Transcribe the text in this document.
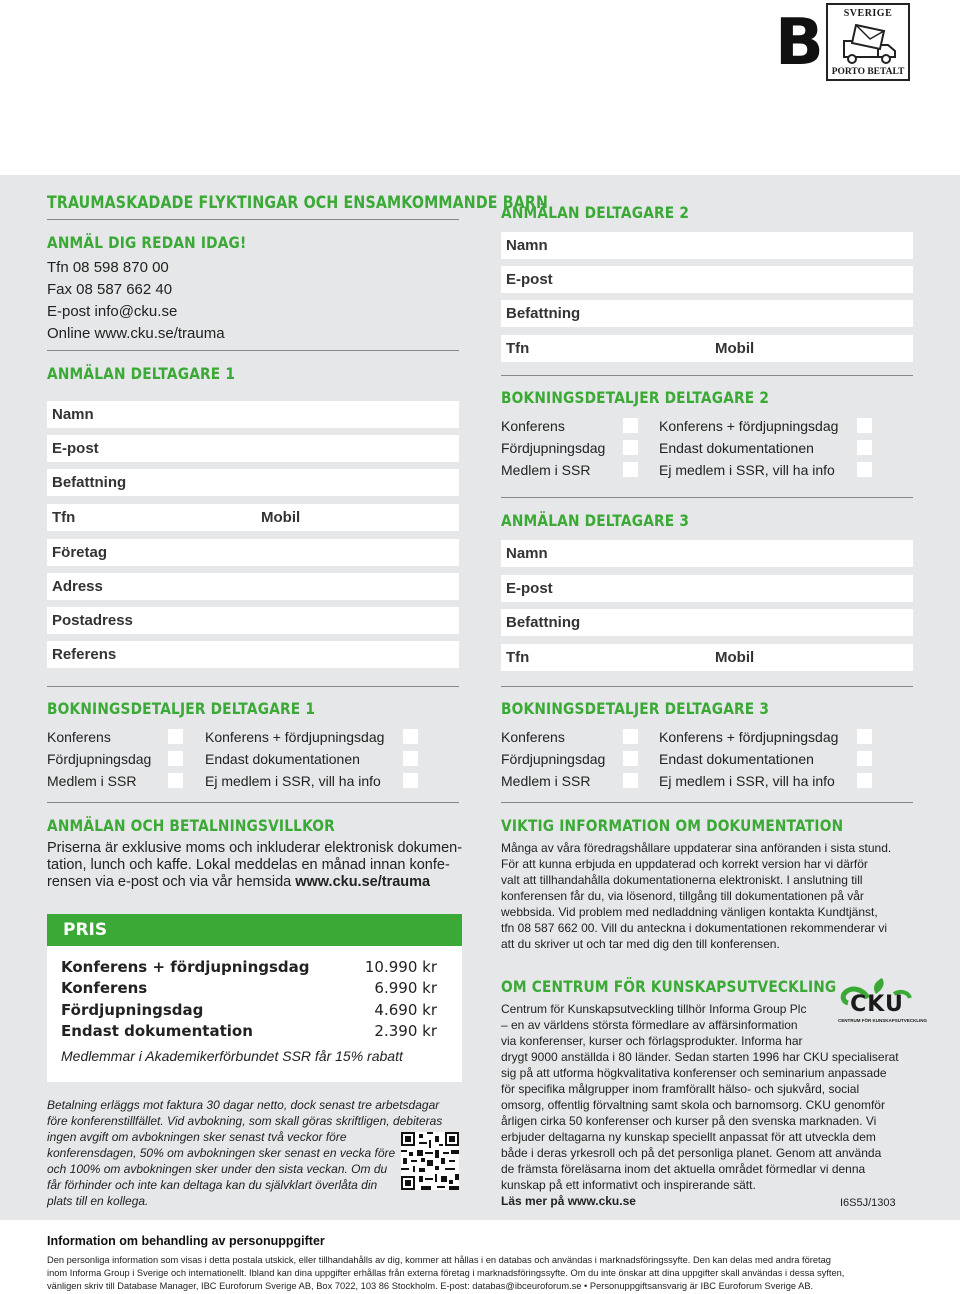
B	SVERIGE
PORTO BETALT
TRAUMASKADADE FLYKTINGAR OCH ENSAMKOMMANDE BARN
ANMÄL DIG REDAN IDAG!
Tfn 08 598 870 00
Fax 08 587 662 40
E-post info@cku.se
Online www.cku.se/trauma
ANMÄLAN DELTAGARE 1
Namn
E-post
Befattning
Tfn	Mobil
Företag
Adress
Postadress
Referens
BOKNINGSDETALJER DELTAGARE 1
Konferens	Konferens + fördjupningsdag
Fördjupningsdag	Endast dokumentationen
Medlem i SSR	Ej medlem i SSR, vill ha info
ANMÄLAN OCH BETALNINGSVILLKOR
Priserna är exklusive moms och inkluderar elektronisk dokumen-
tation, lunch och kaffe. Lokal meddelas en månad innan konfe-
rensen via e-post och via vår hemsida www.cku.se/trauma
PRIS
Konferens + fördjupningsdag	10.990 kr
Konferens	6.990 kr
Fördjupningsdag	4.690 kr
Endast dokumentation	2.390 kr
Medlemmar i Akademikerförbundet SSR får 15% rabatt
Betalning erläggs mot faktura 30 dagar netto, dock senast tre arbetsdagar
före konferenstillfället. Vid avbokning, som skall göras skriftligen, debiteras
ingen avgift om avbokningen sker senast två veckor före
konferensdagen, 50% om avbokningen sker senast en vecka före
och 100% om avbokningen sker under den sista veckan. Om du
får förhinder och inte kan deltaga kan du självklart överlåta din
plats till en kollega.
ANMÄLAN DELTAGARE 2
Namn
E-post
Befattning
Tfn	Mobil
BOKNINGSDETALJER DELTAGARE 2
Konferens	Konferens + fördjupningsdag
Fördjupningsdag	Endast dokumentationen
Medlem i SSR	Ej medlem i SSR, vill ha info
ANMÄLAN DELTAGARE 3
Namn
E-post
Befattning
Tfn	Mobil
BOKNINGSDETALJER DELTAGARE 3
Konferens	Konferens + fördjupningsdag
Fördjupningsdag	Endast dokumentationen
Medlem i SSR	Ej medlem i SSR, vill ha info
VIKTIG INFORMATION OM DOKUMENTATION
Många av våra föredragshållare uppdaterar sina anföranden i sista stund.
För att kunna erbjuda en uppdaterad och korrekt version har vi därför
valt att tillhandahålla dokumentationerna elektroniskt. I anslutning till
konferensen får du, via lösenord, tillgång till dokumentationen på vår
webbsida. Vid problem med nedladdning vänligen kontakta Kundtjänst,
tfn 08 587 662 00. Vill du anteckna i dokumentationen rekommenderar vi
att du skriver ut och tar med dig den till konferensen.
OM CENTRUM FÖR KUNSKAPSUTVECKLING
Centrum för Kunskapsutveckling tillhör Informa Group Plc
– en av världens största förmedlare av affärsinformation
via konferenser, kurser och förlagsprodukter. Informa har
drygt 9000 anställda i 80 länder. Sedan starten 1996 har CKU specialiserat
sig på att utforma högkvalitativa konferenser och seminarium anpassade
för specifika målgrupper inom framförallt hälso- och sjukvård, social
omsorg, offentlig förvaltning samt skola och barnomsorg. CKU genomför
årligen cirka 50 konferenser och kurser på den svenska marknaden. Vi
erbjuder deltagarna ny kunskap speciellt anpassat för att utveckla dem
både i deras yrkesroll och på det personliga planet. Genom att använda
de främsta föreläsarna inom det aktuella området förmedlar vi denna
kunskap på ett informativt och inspirerande sätt.
Läs mer på www.cku.se	I6S5J/1303
CKU
CENTRUM FÖR KUNSKAPSUTVECKLING
Information om behandling av personuppgifter
Den personliga information som visas i detta postala utskick, eller tillhandahålls av dig, kommer att hållas i en databas och användas i marknadsföringssyfte. Den kan delas med andra företag
inom Informa Group i Sverige och internationellt. Ibland kan dina uppgifter erhållas från externa företag i marknadsföringssyfte. Om du inte önskar att dina uppgifter skall användas i dessa syften,
vänligen skriv till Database Manager, IBC Euroforum Sverige AB, Box 7022, 103 86 Stockholm. E-post: databas@ibceuroforum.se • Personuppgiftsansvarig är IBC Euroforum Sverige AB.
